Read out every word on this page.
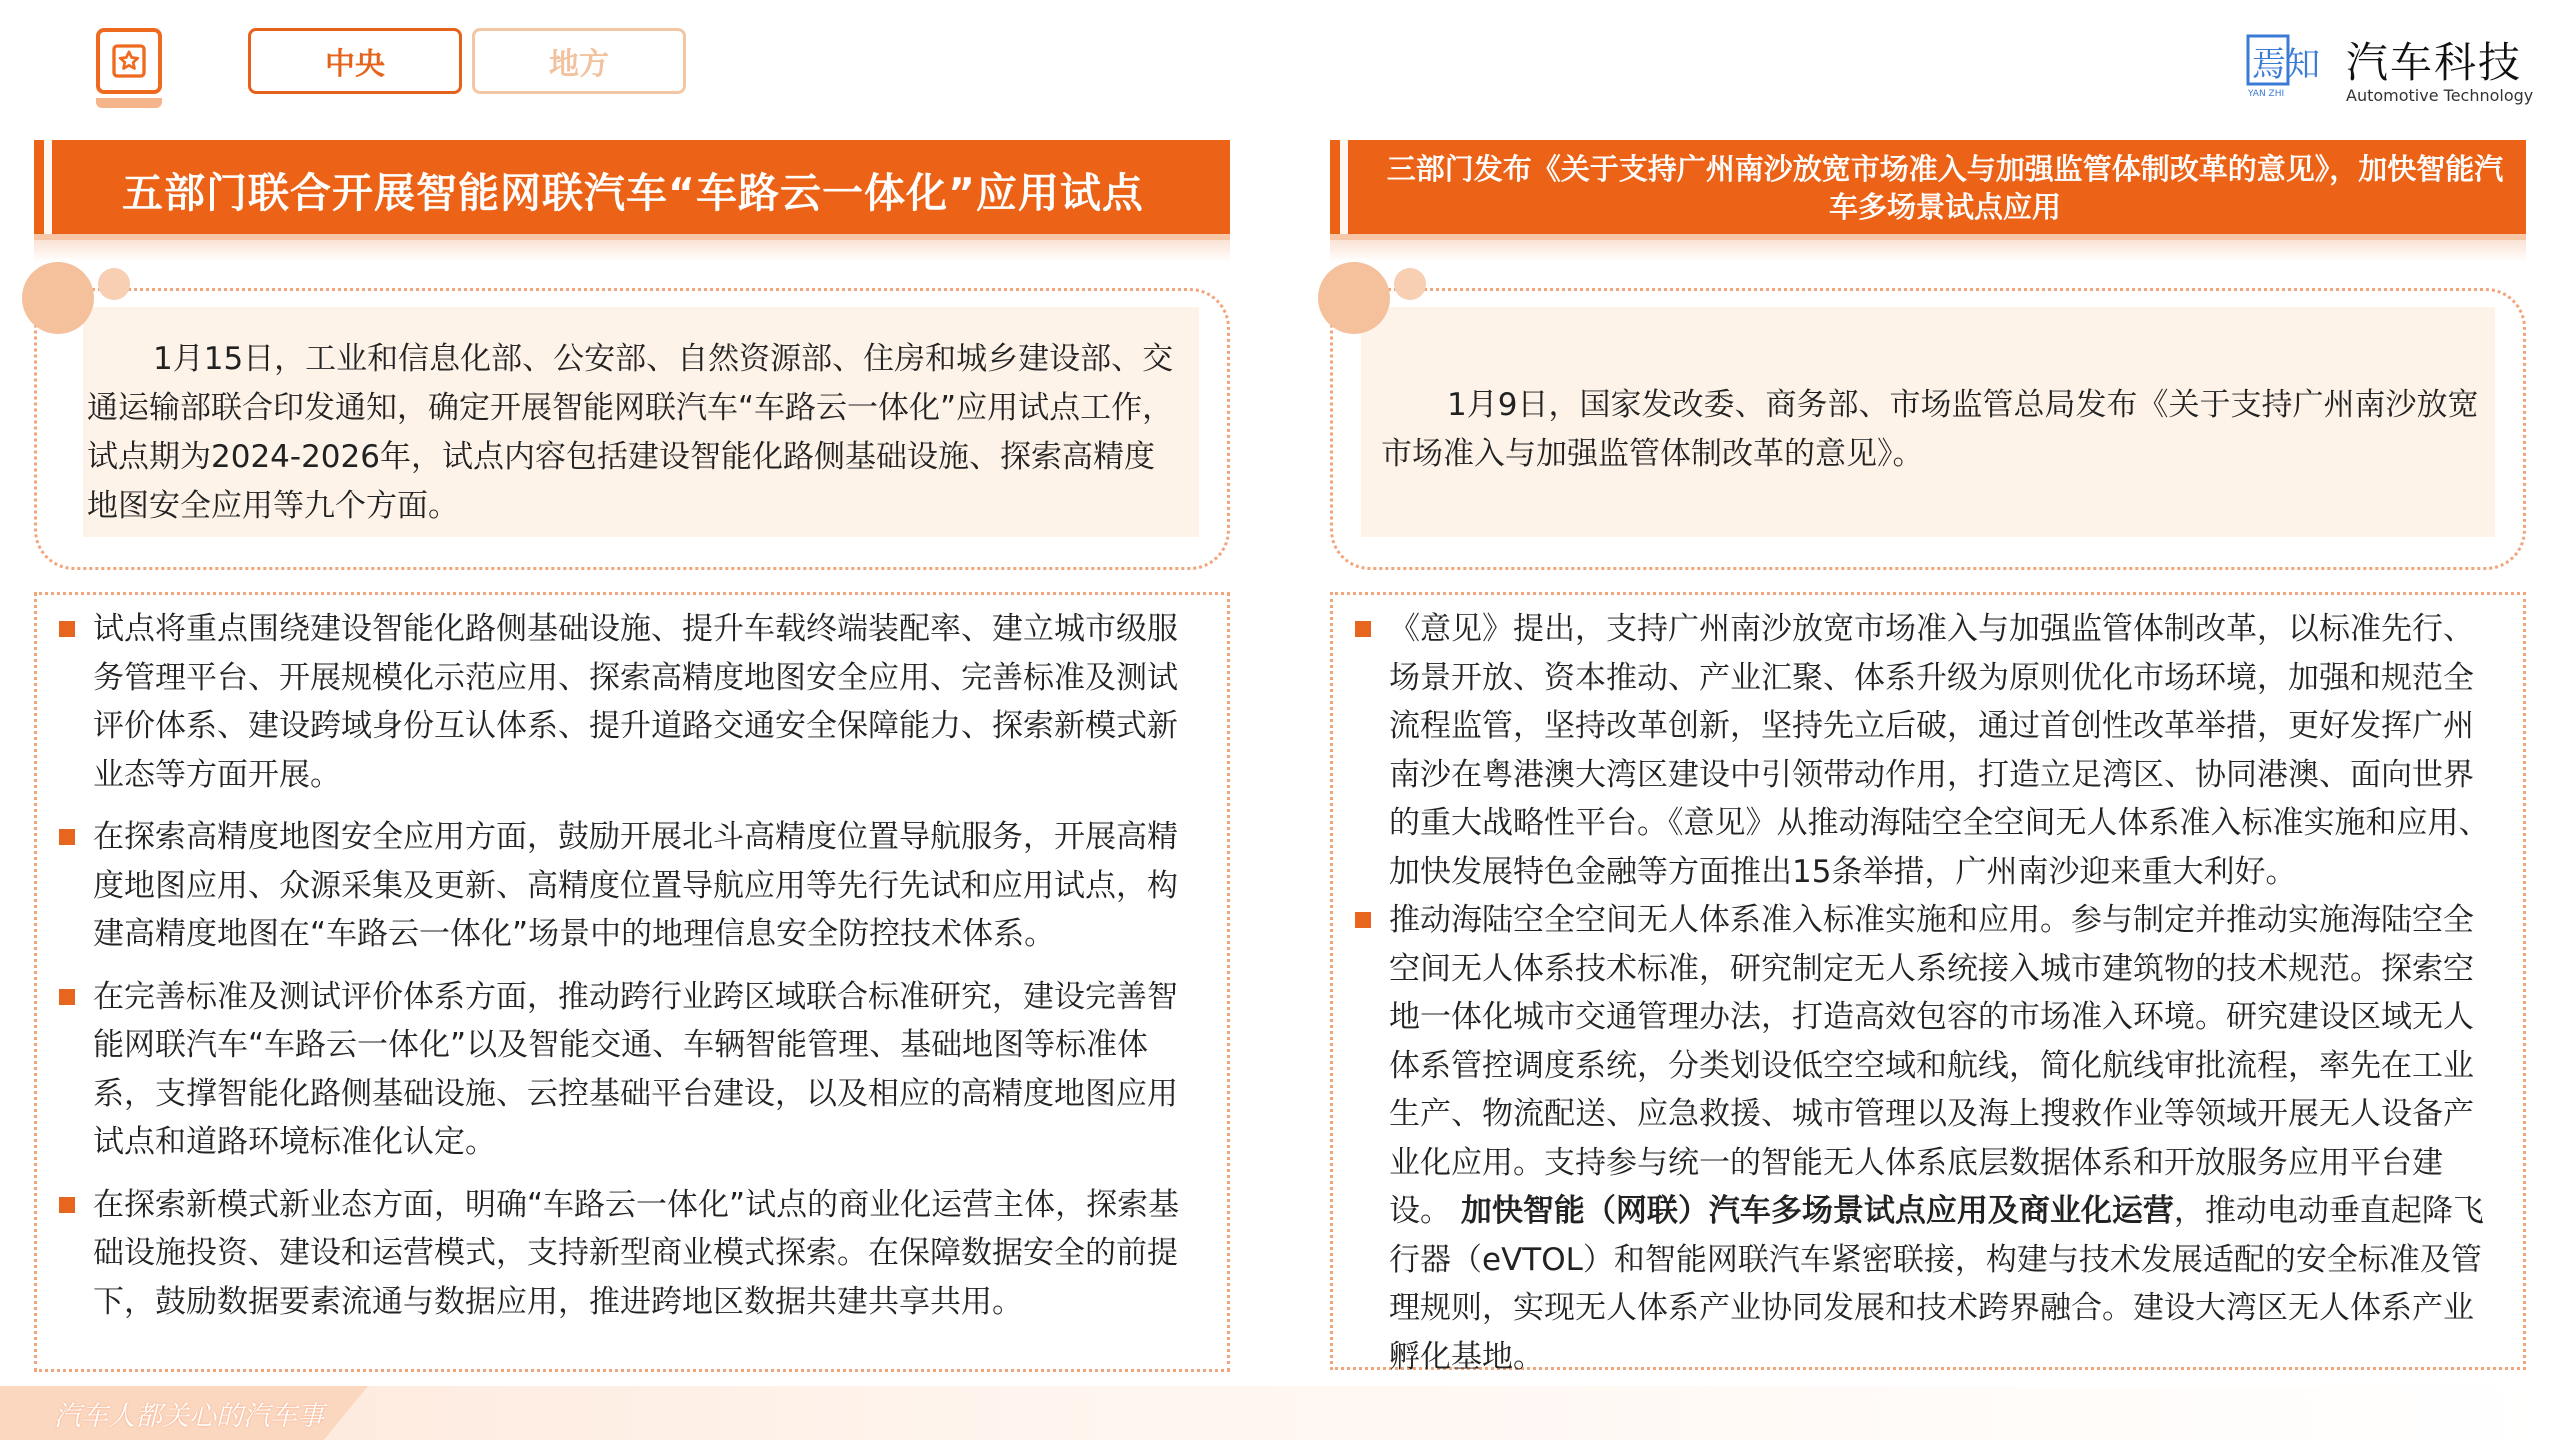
中央	地方	焉知
YAN ZHI
汽车科技
Automotive Technology
五部门联合开展智能网联汽车“车路云一体化”应用试点	三部门发布《关于支持广州南沙放宽市场准入与加强监管体制改革的意见》，加快智能汽车多场景试点应用
1月15日，工业和信息化部、公安部、自然资源部、住房和城乡建设部、交通运输部联合印发通知，确定开展智能网联汽车“车路云一体化”应用试点工作，试点期为2024-2026年，试点内容包括建设智能化路侧基础设施、探索高精度地图安全应用等九个方面。
1月9日，国家发改委、商务部、市场监管总局发布《关于支持广州南沙放宽市场准入与加强监管体制改革的意见》。
试点将重点围绕建设智能化路侧基础设施、提升车载终端装配率、建立城市级服务管理平台、开展规模化示范应用、探索高精度地图安全应用、完善标准及测试评价体系、建设跨域身份互认体系、提升道路交通安全保障能力、探索新模式新业态等方面开展。
在探索高精度地图安全应用方面，鼓励开展北斗高精度位置导航服务，开展高精度地图应用、众源采集及更新、高精度位置导航应用等先行先试和应用试点，构建高精度地图在“车路云一体化”场景中的地理信息安全防控技术体系。
在完善标准及测试评价体系方面，推动跨行业跨区域联合标准研究，建设完善智能网联汽车“车路云一体化”以及智能交通、车辆智能管理、基础地图等标准体系，支撑智能化路侧基础设施、云控基础平台建设，以及相应的高精度地图应用试点和道路环境标准化认定。
在探索新模式新业态方面，明确“车路云一体化”试点的商业化运营主体，探索基础设施投资、建设和运营模式，支持新型商业模式探索。在保障数据安全的前提下，鼓励数据要素流通与数据应用，推进跨地区数据共建共享共用。
《意见》提出，支持广州南沙放宽市场准入与加强监管体制改革，以标准先行、场景开放、资本推动、产业汇聚、体系升级为原则优化市场环境，加强和规范全流程监管，坚持改革创新，坚持先立后破，通过首创性改革举措，更好发挥广州南沙在粤港澳大湾区建设中引领带动作用，打造立足湾区、协同港澳、面向世界的重大战略性平台。《意见》从推动海陆空全空间无人体系准入标准实施和应用、加快发展特色金融等方面推出15条举措，广州南沙迎来重大利好。
推动海陆空全空间无人体系准入标准实施和应用。参与制定并推动实施海陆空全空间无人体系技术标准，研究制定无人系统接入城市建筑物的技术规范。探索空地一体化城市交通管理办法，打造高效包容的市场准入环境。研究建设区域无人体系管控调度系统，分类划设低空空域和航线，简化航线审批流程，率先在工业生产、物流配送、应急救援、城市管理以及海上搜救作业等领域开展无人设备产业化应用。支持参与统一的智能无人体系底层数据体系和开放服务应用平台建设。 加快智能（网联）汽车多场景试点应用及商业化运营，推动电动垂直起降飞行器（eVTOL）和智能网联汽车紧密联接，构建与技术发展适配的安全标准及管理规则，实现无人体系产业协同发展和技术跨界融合。建设大湾区无人体系产业孵化基地。
汽车人都关心的汽车事
